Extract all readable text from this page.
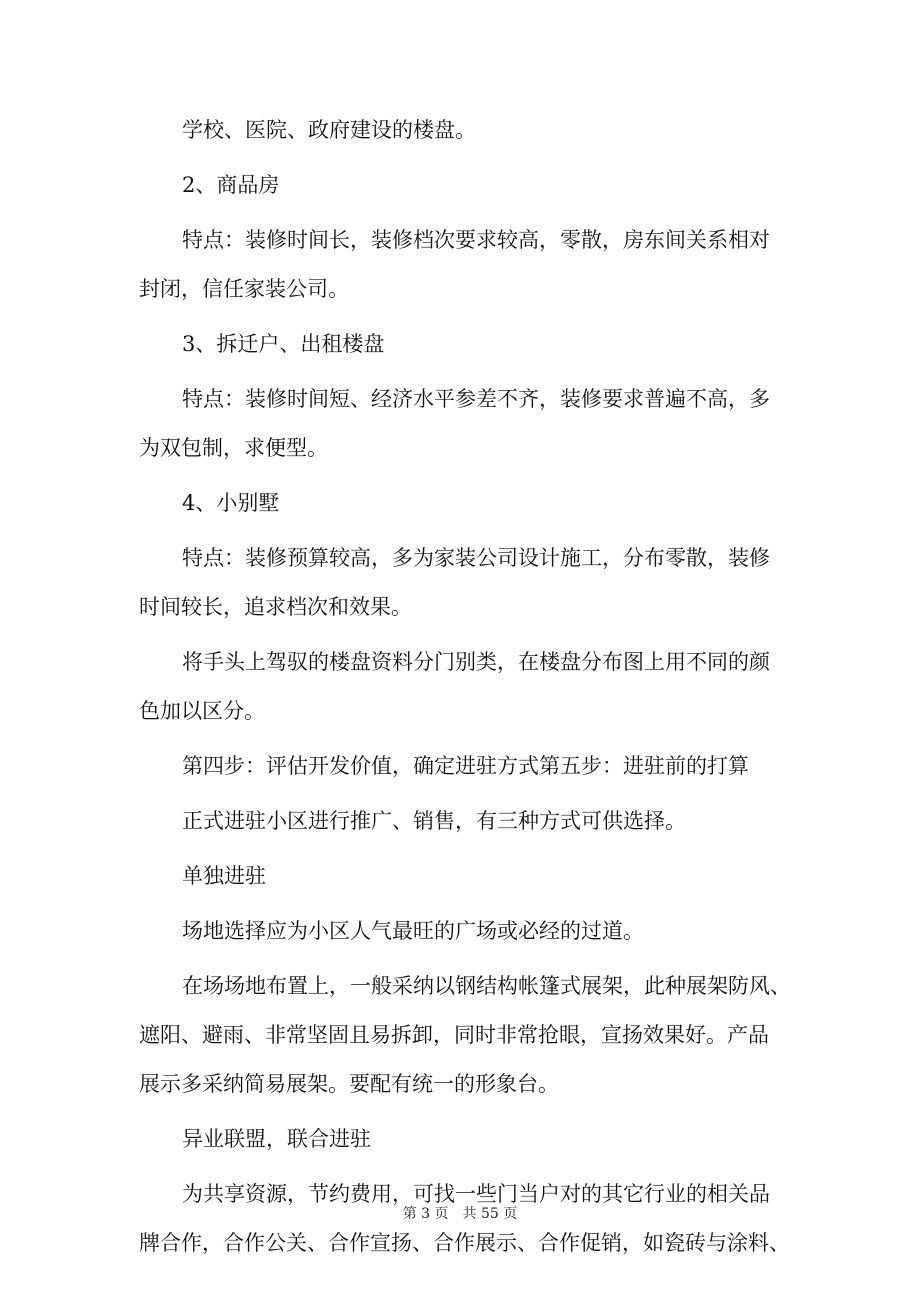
学校、医院、政府建设的楼盘。
2、商品房
特点：装修时间长，装修档次要求较高，零散，房东间关系相对
封闭，信任家装公司。
3、拆迁户、出租楼盘
特点：装修时间短、经济水平参差不齐，装修要求普遍不高，多
为双包制，求便型。
4、小别墅
特点：装修预算较高，多为家装公司设计施工，分布零散，装修
时间较长，追求档次和效果。
将手头上驾驭的楼盘资料分门别类，在楼盘分布图上用不同的颜
色加以区分。
第四步：评估开发价值，确定进驻方式第五步：进驻前的打算
正式进驻小区进行推广、销售，有三种方式可供选择。
单独进驻
场地选择应为小区人气最旺的广场或必经的过道。
在场场地布置上，一般采纳以钢结构帐篷式展架，此种展架防风、
遮阳、避雨、非常坚固且易拆卸，同时非常抢眼，宣扬效果好。产品
展示多采纳简易展架。要配有统一的形象台。
异业联盟，联合进驻
为共享资源，节约费用，可找一些门当户对的其它行业的相关品
牌合作，合作公关、合作宣扬、合作展示、合作促销，如瓷砖与涂料、
第 3 页　共 55 页
